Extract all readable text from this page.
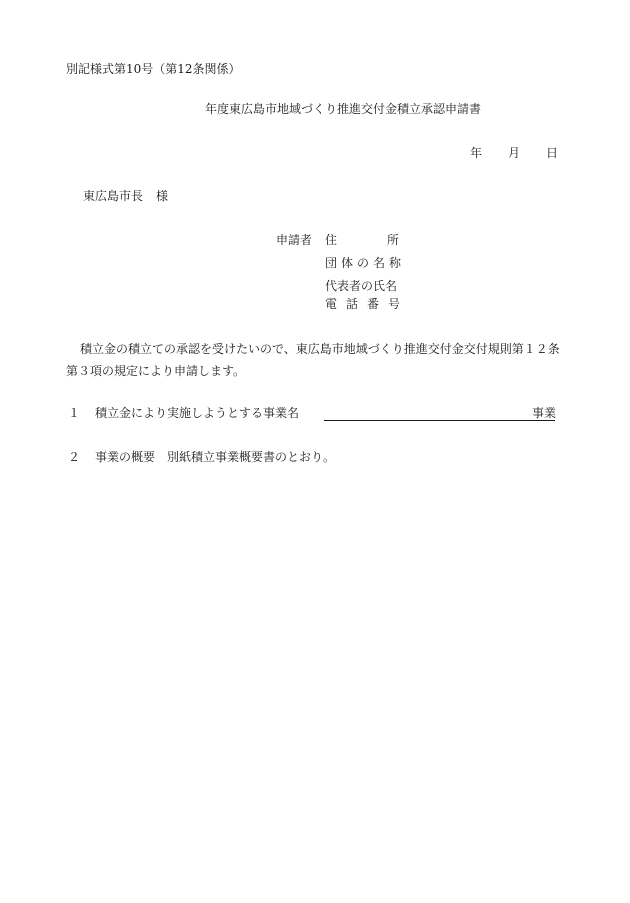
別記様式第10号（第12条関係）
年度東広島市地域づくり推進交付金積立承認申請書
年 月 日
東広島市長 様
申請者 住	所
団体の名称
代表者の氏名
電話番号
積立金の積立ての承認を受けたいので、東広島市地域づくり推進交付金交付規則第１２条
第３項の規定により申請します。
１ 積立金により実施しようとする事業名	事業
２ 事業の概要 別紙積立事業概要書のとおり。
